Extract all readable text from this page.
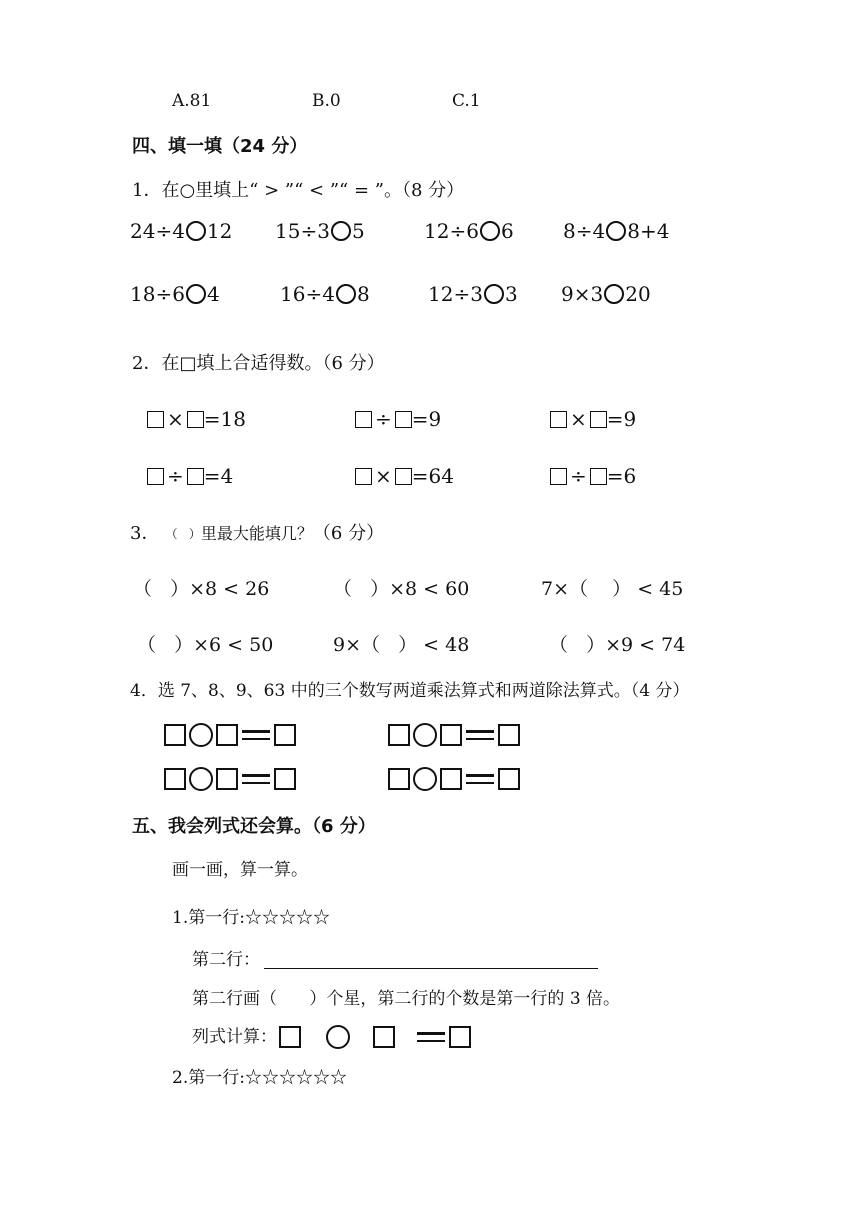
A.81	B.0	C.1
四、填一填（24 分）
1．在○里填上“ > ”“ < ”“ = ”。（8 分）
24÷4 12 15÷3 5	12÷6 6 8÷4 8+4
18÷6 4	16÷4 8	12÷3 3 9×3 20
2．在□填上合适得数。（6 分）
× =18	÷ =9	× =9
÷ =4	× =64	÷ =6
3． （   ） 里最大能填几？ （6 分）
（   ）×8 < 26	（   ）×8 < 60	7×（    ） < 45
（   ）×6 < 50	9×（   ） < 48	（   ）×9 < 74
4．选 7、8、9、63 中的三个数写两道乘法算式和两道除法算式。（4 分）
五、我会列式还会算。（6 分）
画一画，算一算。
1.第一行:☆☆☆☆☆
第二行：
第二行画（      ）个星，第二行的个数是第一行的 3 倍。
列式计算：
2.第一行:☆☆☆☆☆☆
